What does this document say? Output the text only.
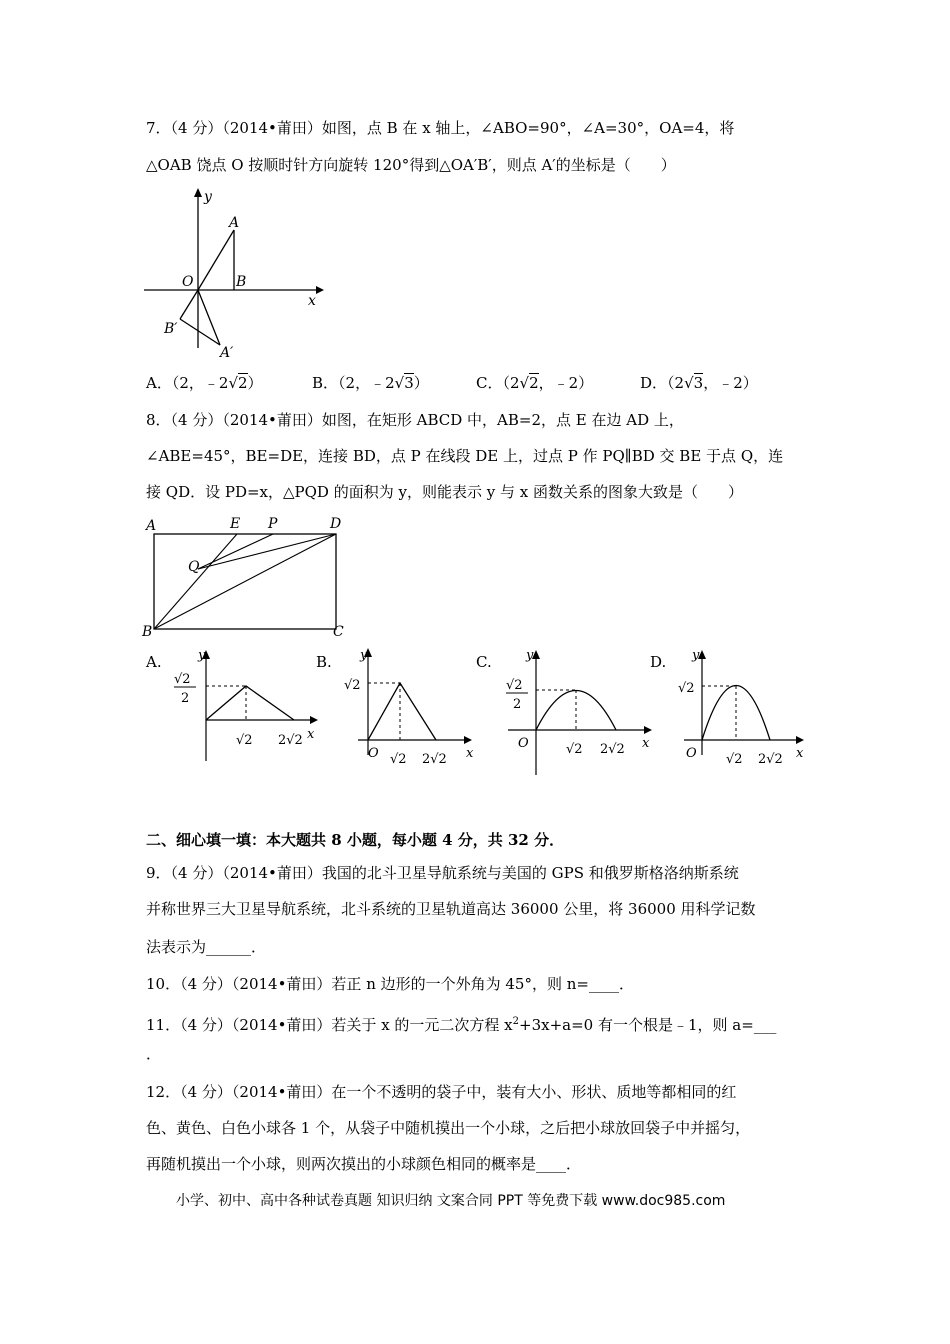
7．（4 分）（2014•莆田）如图，点 B 在 x 轴上，∠ABO=90°，∠A=30°，OA=4，将
△OAB 饶点 O 按顺时针方向旋转 120°得到△OA′B′，则点 A′的坐标是（　　）
y
x
O
A
B
B′
A′
A．（2，﹣2√2）	B．（2，﹣2√3）	C．（2√2，﹣2）	D．（2√3，﹣2）
8．（4 分）（2014•莆田）如图，在矩形 ABCD 中，AB=2，点 E 在边 AD 上，
∠ABE=45°，BE=DE，连接 BD，点 P 在线段 DE 上，过点 P 作 PQ∥BD 交 BE 于点 Q，连
接 QD．设 PD=x，△PQD 的面积为 y，则能表示 y 与 x 函数关系的图象大致是（　　）
A	E P	D
Q
B	C
A.	B.	C.	D.
y
x
√2
2
√2 2√2
y
x
√2
O √2 2√2
y
x
√2
2
O	√2 2√2
y
x
√2
O √2 2√2
二、细心填一填：本大题共 8 小题，每小题 4 分，共 32 分．
9．（4 分）（2014•莆田）我国的北斗卫星导航系统与美国的 GPS 和俄罗斯格洛纳斯系统
并称世界三大卫星导航系统，北斗系统的卫星轨道高达 36000 公里，将 36000 用科学记数
法表示为______．
10．（4 分）（2014•莆田）若正 n 边形的一个外角为 45°，则 n=____．
11．（4 分）（2014•莆田）若关于 x 的一元二次方程 $x^2+3x+a=0$ 有一个根是﹣1，则 a=___
．
12．（4 分）（2014•莆田）在一个不透明的袋子中，装有大小、形状、质地等都相同的红
色、黄色、白色小球各 1 个，从袋子中随机摸出一个小球，之后把小球放回袋子中并摇匀，
再随机摸出一个小球，则两次摸出的小球颜色相同的概率是____．
小学、初中、高中各种试卷真题 知识归纳 文案合同 PPT 等免费下载 www.doc985.com
